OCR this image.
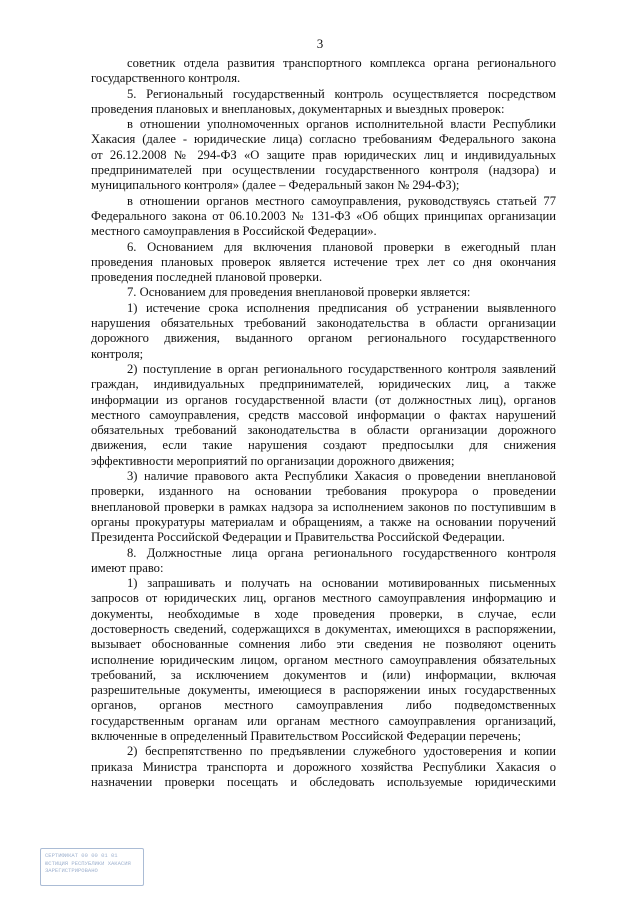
3
советник отдела развития транспортного комплекса органа регионального
государственного контроля.
5. Региональный государственный контроль осуществляется посредством
проведения плановых и внеплановых, документарных и выездных проверок:
в отношении уполномоченных органов исполнительной власти Республики
Хакасия (далее - юридические лица) согласно требованиям Федерального закона
от 26.12.2008 № 294-ФЗ «О защите прав юридических лиц и индивидуальных
предпринимателей при осуществлении государственного контроля (надзора) и
муниципального контроля» (далее – Федеральный закон № 294-ФЗ);
в отношении органов местного самоуправления, руководствуясь статьей 77
Федерального закона от 06.10.2003 № 131-ФЗ «Об общих принципах организации
местного самоуправления в Российской Федерации».
6. Основанием для включения плановой проверки в ежегодный план
проведения плановых проверок является истечение трех лет со дня окончания
проведения последней плановой проверки.
7. Основанием для проведения внеплановой проверки является:
1) истечение срока исполнения предписания об устранении выявленного
нарушения обязательных требований законодательства в области организации
дорожного движения, выданного органом регионального государственного
контроля;
2) поступление в орган регионального государственного контроля заявлений
граждан, индивидуальных предпринимателей, юридических лиц, а также
информации из органов государственной власти (от должностных лиц), органов
местного самоуправления, средств массовой информации о фактах нарушений
обязательных требований законодательства в области организации дорожного
движения, если такие нарушения создают предпосылки для снижения
эффективности мероприятий по организации дорожного движения;
3) наличие правового акта Республики Хакасия о проведении внеплановой
проверки, изданного на основании требования прокурора о проведении
внеплановой проверки в рамках надзора за исполнением законов по поступившим в
органы прокуратуры материалам и обращениям, а также на основании поручений
Президента Российской Федерации и Правительства Российской Федерации.
8. Должностные лица органа регионального государственного контроля
имеют право:
1) запрашивать и получать на основании мотивированных письменных
запросов от юридических лиц, органов местного самоуправления информацию и
документы, необходимые в ходе проведения проверки, в случае, если
достоверность сведений, содержащихся в документах, имеющихся в распоряжении,
вызывает обоснованные сомнения либо эти сведения не позволяют оценить
исполнение юридическим лицом, органом местного самоуправления обязательных
требований, за исключением документов и (или) информации, включая
разрешительные документы, имеющиеся в распоряжении иных государственных
органов, органов местного самоуправления либо подведомственных
государственным органам или органам местного самоуправления организаций,
включенные в определенный Правительством Российской Федерации перечень;
2) беспрепятственно по предъявлении служебного удостоверения и копии
приказа Министра транспорта и дорожного хозяйства Республики Хакасия о
назначении проверки посещать и обследовать используемые юридическими
СЕРТИФИКАТ 00 00 01 01
ЮСТИЦИЯ РЕСПУБЛИКИ ХАКАСИЯ
ЗАРЕГИСТРИРОВАНО
